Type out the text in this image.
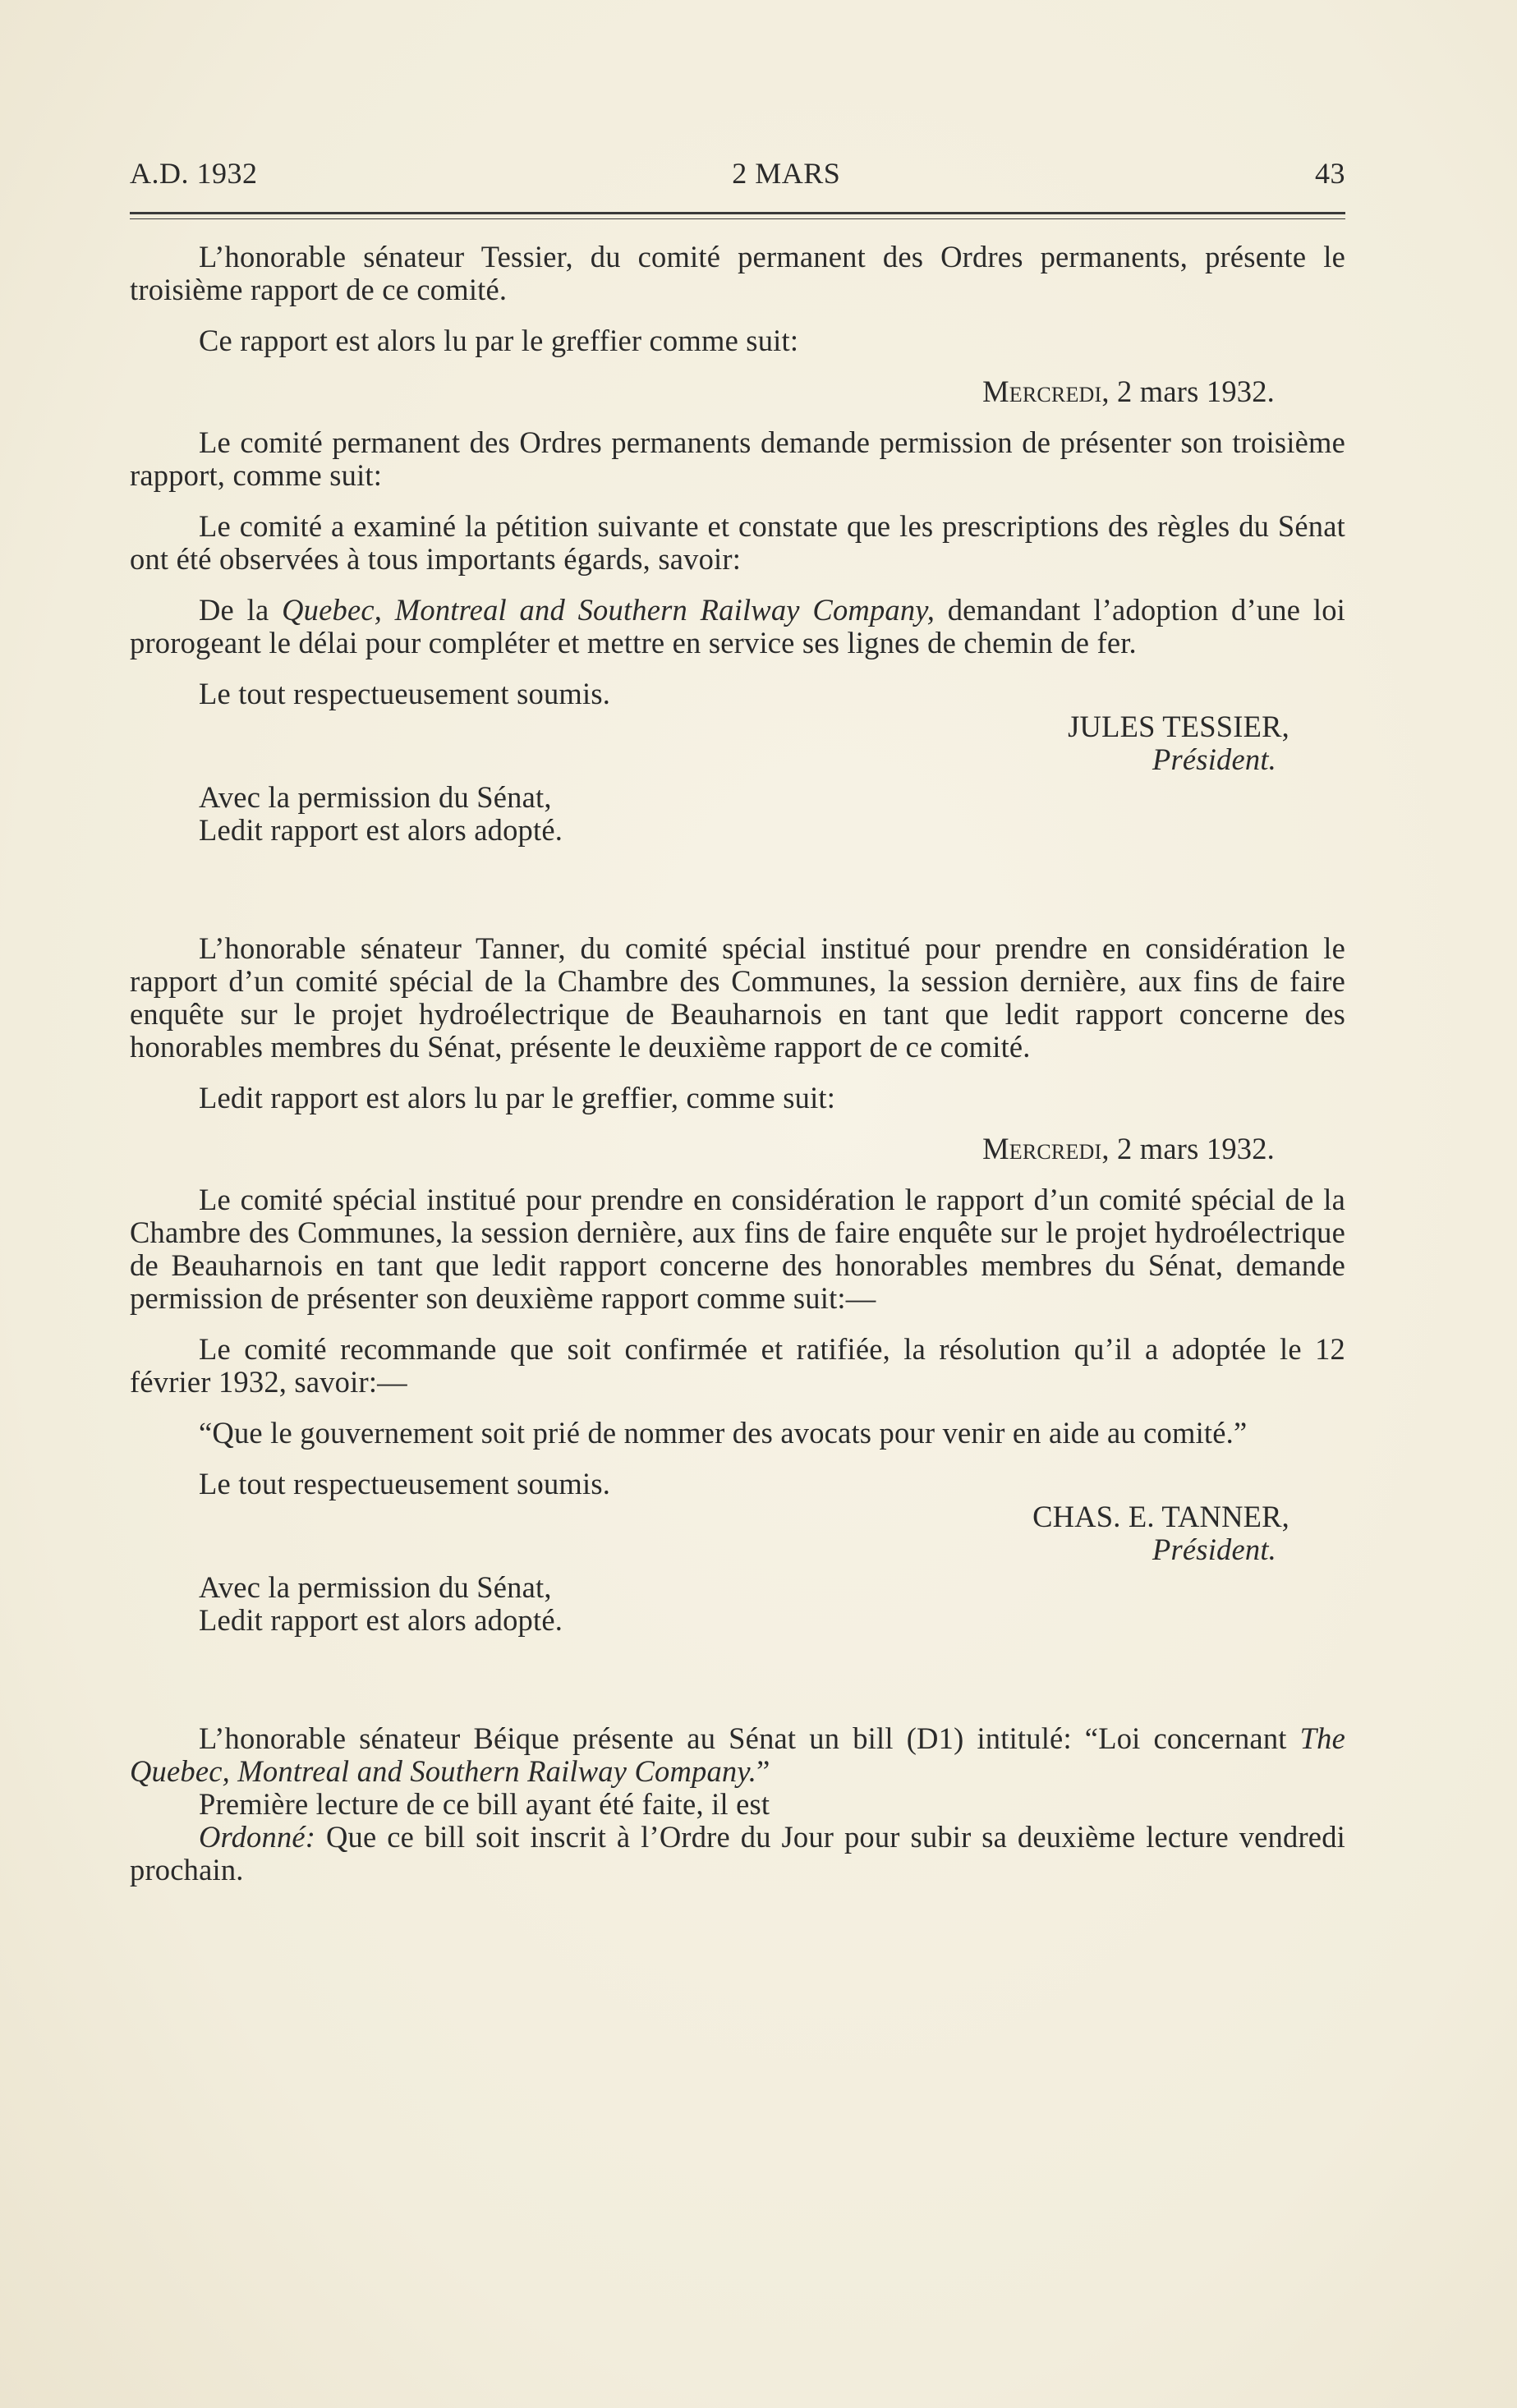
A.D. 1932	2 MARS	43

L’honorable sénateur Tessier, du comité permanent des Ordres permanents, présente le troisième rapport de ce comité.

Ce rapport est alors lu par le greffier comme suit:

Mercredi, 2 mars 1932.

Le comité permanent des Ordres permanents demande permission de présenter son troisième rapport, comme suit:

Le comité a examiné la pétition suivante et constate que les prescriptions des règles du Sénat ont été observées à tous importants égards, savoir:

De la Quebec, Montreal and Southern Railway Company, demandant l’adoption d’une loi prorogeant le délai pour compléter et mettre en service ses lignes de chemin de fer.

Le tout respectueusement soumis.

JULES TESSIER,

Président.

Avec la permission du Sénat,

Ledit rapport est alors adopté.

L’honorable sénateur Tanner, du comité spécial institué pour prendre en considération le rapport d’un comité spécial de la Chambre des Communes, la session dernière, aux fins de faire enquête sur le projet hydroélectrique de Beauharnois en tant que ledit rapport concerne des honorables membres du Sénat, présente le deuxième rapport de ce comité.

Ledit rapport est alors lu par le greffier, comme suit:

Mercredi, 2 mars 1932.

Le comité spécial institué pour prendre en considération le rapport d’un comité spécial de la Chambre des Communes, la session dernière, aux fins de faire enquête sur le projet hydroélectrique de Beauharnois en tant que ledit rapport concerne des honorables membres du Sénat, demande permission de présenter son deuxième rapport comme suit:—

Le comité recommande que soit confirmée et ratifiée, la résolution qu’il a adoptée le 12 février 1932, savoir:—

“Que le gouvernement soit prié de nommer des avocats pour venir en aide au comité.”

Le tout respectueusement soumis.

CHAS. E. TANNER,

Président.

Avec la permission du Sénat,

Ledit rapport est alors adopté.

L’honorable sénateur Béique présente au Sénat un bill (D1) intitulé: “Loi concernant The Quebec, Montreal and Southern Railway Company.”

Première lecture de ce bill ayant été faite, il est

Ordonné: Que ce bill soit inscrit à l’Ordre du Jour pour subir sa deuxième lecture vendredi prochain.
